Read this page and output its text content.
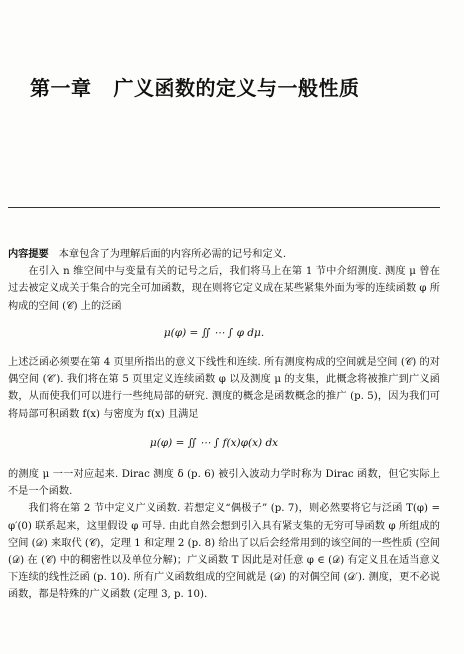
第一章 广义函数的定义与一般性质

内容提要 本章包含了为理解后面的内容所必需的记号和定义.

在引入 n 维空间中与变量有关的记号之后，我们将马上在第 1 节中介绍测度. 测度 μ 曾在过去被定义成关于集合的完全可加函数，现在则将它定义成在某些紧集外面为零的连续函数 φ 所构成的空间 (𝒞) 上的泛函

μ(φ) = ∬ ⋯ ∫ φ dμ.

上述泛函必须要在第 4 页里所指出的意义下线性和连续. 所有测度构成的空间就是空间 (𝒞) 的对偶空间 (𝒞′). 我们将在第 5 页里定义连续函数 φ 以及测度 μ 的支集，此概念将被推广到广义函数，从而使我们可以进行一些纯局部的研究. 测度的概念是函数概念的推广 (p. 5)，因为我们可将局部可积函数 f(x) 与密度为 f(x) 且满足

μ(φ) = ∬ ⋯ ∫ f(x)φ(x) dx

的测度 μ 一一对应起来. Dirac 测度 δ (p. 6) 被引入波动力学时称为 Dirac 函数，但它实际上不是一个函数.

我们将在第 2 节中定义广义函数. 若想定义“偶极子” (p. 7)，则必然要将它与泛函 T(φ) = φ′(0) 联系起来，这里假设 φ 可导. 由此自然会想到引入具有紧支集的无穷可导函数 φ 所组成的空间 (𝒟) 来取代 (𝒞)，定理 1 和定理 2 (p. 8) 给出了以后会经常用到的该空间的一些性质 (空间 (𝒟) 在 (𝒞) 中的稠密性以及单位分解)；广义函数 T 因此是对任意 φ ∈ (𝒟) 有定义且在适当意义下连续的线性泛函 (p. 10). 所有广义函数组成的空间就是 (𝒟) 的对偶空间 (𝒟′). 测度，更不必说函数，都是特殊的广义函数 (定理 3, p. 10).
